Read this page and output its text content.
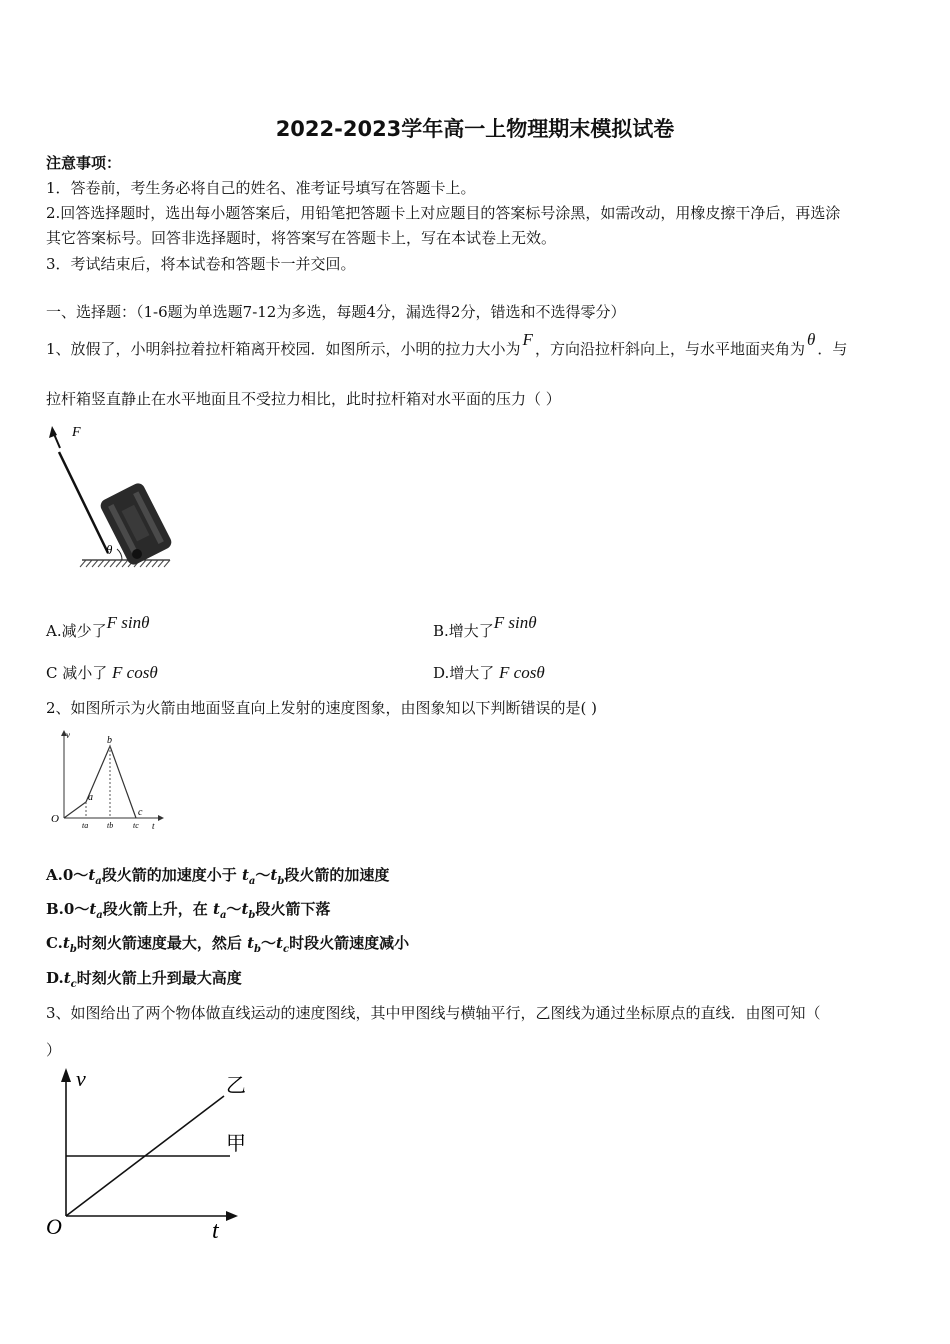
2022-2023学年高一上物理期末模拟试卷
注意事项：
1．答卷前，考生务必将自己的姓名、准考证号填写在答题卡上。
2.回答选择题时，选出每小题答案后，用铅笔把答题卡上对应题目的答案标号涂黑，如需改动，用橡皮擦干净后，再选涂
其它答案标号。回答非选择题时，将答案写在答题卡上，写在本试卷上无效。
3．考试结束后，将本试卷和答题卡一并交回。
一、选择题：（1-6题为单选题7-12为多选，每题4分，漏选得2分，错选和不选得零分）
1、放假了，小明斜拉着拉杆箱离开校园．如图所示，小明的拉力大小为 F ，方向沿拉杆斜向上，与水平地面夹角为 θ ．与
拉杆箱竖直静止在水平地面且不受拉力相比，此时拉杆箱对水平面的压力（ ）
F
θ
A.减少了F sinθ	B.增大了F sinθ
C 减小了 F cosθ	D.增大了 F cosθ
2、如图所示为火箭由地面竖直向上发射的速度图象，由图象知以下判断错误的是( )
v
t
O
a
b
c
ta tb tc
$A.0\sim t_a$段火箭的加速度小于 $t_a\sim t_b$段火箭的加速度
$B.0\sim t_a$段火箭上升，在 $t_a\sim t_b$段火箭下落
$C.t_b$时刻火箭速度最大，然后 $t_b\sim t_c$时段火箭速度减小
$D.t_c$时刻火箭上升到最大高度
3、如图给出了两个物体做直线运动的速度图线，其中甲图线与横轴平行，乙图线为通过坐标原点的直线．由图可知（
）
v
t
O
甲
乙
